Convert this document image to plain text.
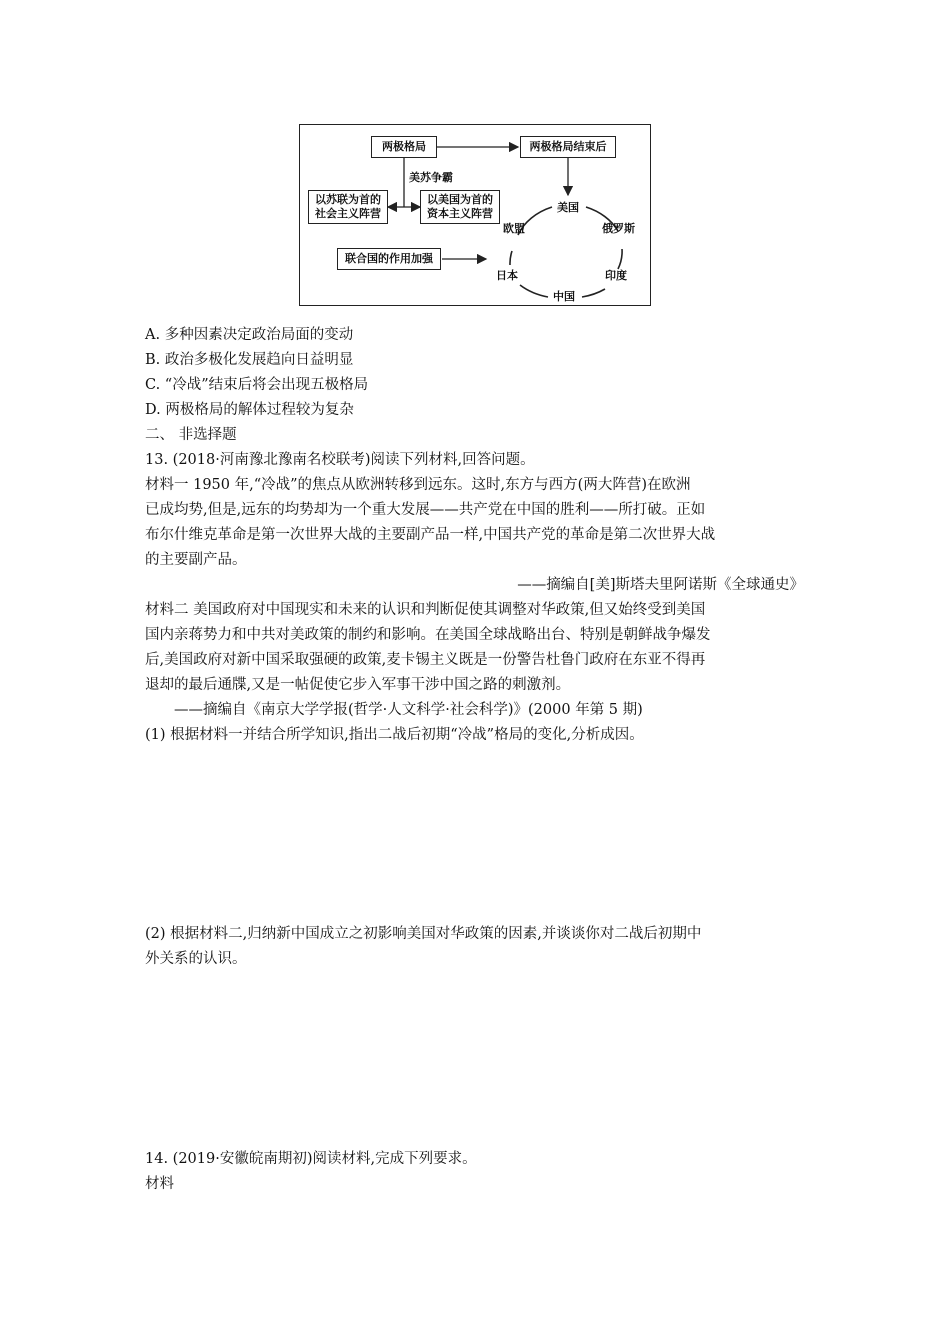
两极格局	两极格局结束后
美苏争霸
以苏联为首的
社会主义阵营
以美国为首的
资本主义阵营
联合国的作用加强
美国
欧盟	俄罗斯
日本	印度
中国
A. 多种因素决定政治局面的变动
B. 政治多极化发展趋向日益明显
C. “冷战”结束后将会出现五极格局
D. 两极格局的解体过程较为复杂
二、 非选择题
13. (2018·河南豫北豫南名校联考)阅读下列材料,回答问题。
材料一 1950 年,“冷战”的焦点从欧洲转移到远东。这时,东方与西方(两大阵营)在欧洲
已成均势,但是,远东的均势却为一个重大发展——共产党在中国的胜利——所打破。正如
布尔什维克革命是第一次世界大战的主要副产品一样,中国共产党的革命是第二次世界大战
的主要副产品。
——摘编自[美]斯塔夫里阿诺斯《全球通史》
材料二 美国政府对中国现实和未来的认识和判断促使其调整对华政策,但又始终受到美国
国内亲蒋势力和中共对美政策的制约和影响。在美国全球战略出台、特别是朝鲜战争爆发
后,美国政府对新中国采取强硬的政策,麦卡锡主义既是一份警告杜鲁门政府在东亚不得再
退却的最后通牒,又是一帖促使它步入军事干涉中国之路的刺激剂。
——摘编自《南京大学学报(哲学·人文科学·社会科学)》(2000 年第 5 期)
(1) 根据材料一并结合所学知识,指出二战后初期“冷战”格局的变化,分析成因。
(2) 根据材料二,归纳新中国成立之初影响美国对华政策的因素,并谈谈你对二战后初期中
外关系的认识。
14. (2019·安徽皖南期初)阅读材料,完成下列要求。
材料
